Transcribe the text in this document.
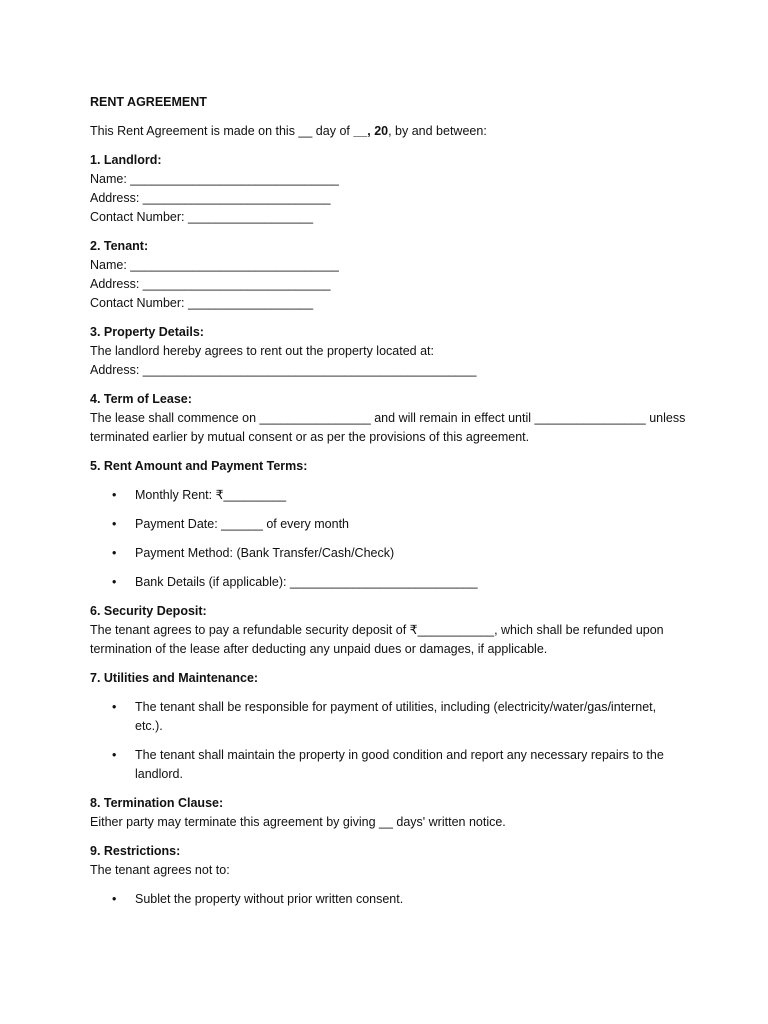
RENT AGREEMENT
This Rent Agreement is made on this __ day of __, 20, by and between:
1. Landlord:
Name: ______________________________
Address: ___________________________
Contact Number: __________________
2. Tenant:
Name: ______________________________
Address: ___________________________
Contact Number: __________________
3. Property Details:
The landlord hereby agrees to rent out the property located at:
Address: ________________________________________________
4. Term of Lease:
The lease shall commence on ________________ and will remain in effect until ________________ unless terminated earlier by mutual consent or as per the provisions of this agreement.
5. Rent Amount and Payment Terms:
• Monthly Rent: ₹_________
• Payment Date: ______ of every month
• Payment Method: (Bank Transfer/Cash/Check)
• Bank Details (if applicable): ___________________________
6. Security Deposit:
The tenant agrees to pay a refundable security deposit of ₹___________, which shall be refunded upon termination of the lease after deducting any unpaid dues or damages, if applicable.
7. Utilities and Maintenance:
• The tenant shall be responsible for payment of utilities, including (electricity/water/gas/internet, etc.).
• The tenant shall maintain the property in good condition and report any necessary repairs to the landlord.
8. Termination Clause:
Either party may terminate this agreement by giving __ days' written notice.
9. Restrictions:
The tenant agrees not to:
• Sublet the property without prior written consent.
